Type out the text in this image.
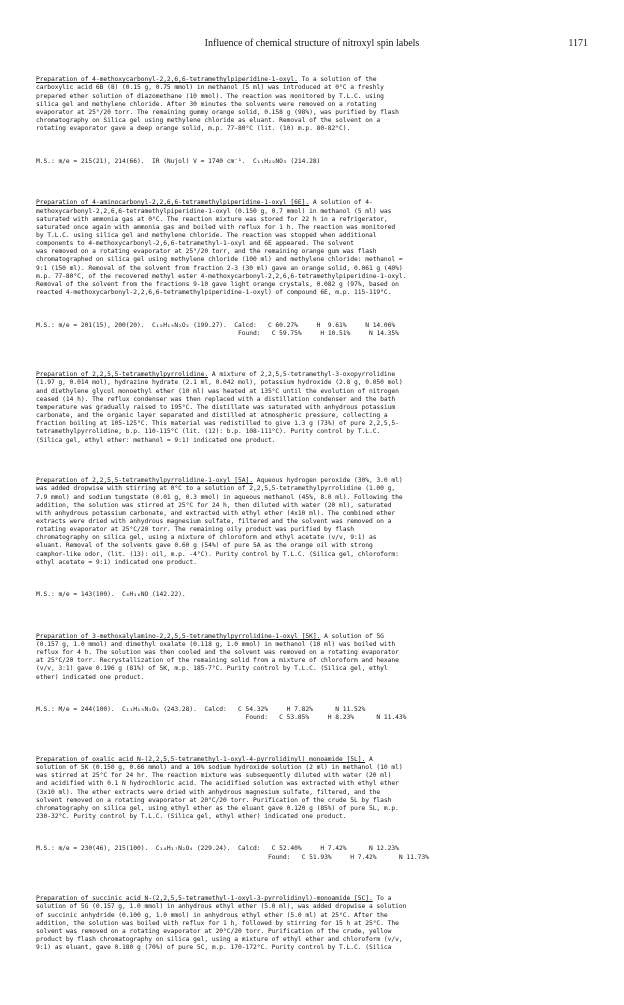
Influence of chemical structure of nitroxyl spin labels	1171

Preparation of 4-methoxycarbonyl-2,2,6,6-tetramethylpiperidine-1-oxyl. To a solution of the
carboxylic acid 6B (8) (0.15 g, 0.75 mmol) in methanol (5 ml) was introduced at 0°C a freshly
prepared ether solution of diazomethane (10 mmol). The reaction was monitored by T.L.C. using
silica gel and methylene chloride. After 30 minutes the solvents were removed on a rotating
evaporator at 25°/20 torr. The remaining gummy orange solid, 0.158 g (98%), was purified by flash
chromatography on Silica gel using methylene chloride as eluant. Removal of the solvent on a
rotating evaporator gave a deep orange solid, m.p. 77-80°C (lit. (10) m.p. 80-82°C).

M.S.: m/e = 215(21), 214(66).  IR (Nujol) V = 1740 cm⁻¹.  C₁₁H₂₀NO₃ (214.28)

Preparation of 4-aminocarbonyl-2,2,6,6-tetramethylpiperidine-1-oxyl [6E]. A solution of 4-
methoxycarbonyl-2,2,6,6-tetramethylpiperidine-1-oxyl (0.150 g, 0.7 mmol) in methanol (5 ml) was
saturated with ammonia gas at 0°C. The reaction mixture was stored for 22 h in a refrigerator,
saturated once again with ammonia gas and boiled with reflux for 1 h. The reaction was monitored
by T.L.C. using silica gel and methylene chloride. The reaction was stopped when additional
components to 4-methoxycarbonyl-2,6,6-tetramethyl-1-oxyl and 6E appeared. The solvent
was removed on a rotating evaporator at 25°/20 torr, and the remaining orange gum was flash
chromatographed on silica gel using methylene chloride (100 ml) and methylene chloride: methanol =
9:1 (150 ml). Removal of the solvent from fraction 2-3 (30 ml) gave an orange solid, 0.061 g (40%)
m.p. 77-80°C, of the recovered methyl ester 4-methoxycarbonyl-2,2,6,6-tetramethylpiperidine-1-oxyl.
Removal of the solvent from the fractions 9-10 gave light orange crystals, 0.082 g (97%, based on
reacted 4-methoxycarbonyl-2,2,6,6-tetramethylpiperidine-1-oxyl) of compound 6E, m.p. 115-119°C.

M.S.: m/e = 201(15), 200(20).  C₁₀H₁₉N₂O₂ (199.27).  Calcd:   C 60.27%     H  9.61%     N 14.06%
Found:   C 59.75%     H 10.51%     N 14.35%

Preparation of 2,2,5,5-tetramethylpyrrolidine. A mixture of 2,2,5,5-tetramethyl-3-oxopyrrolidine
(1.97 g, 0.014 mol), hydrazine hydrate (2.1 ml, 0.042 mol), potassium hydroxide (2.8 g, 0.050 mol)
and diethylene glycol monoethyl ether (10 ml) was heated at 135°C until the evolution of nitrogen
ceased (14 h). The reflux condenser was then replaced with a distillation condenser and the bath
temperature was gradually raised to 195°C. The distillate was saturated with anhydrous potassium
carbonate, and the organic layer separated and distilled at atmospheric pressure, collecting a
fraction boiling at 105-125°C. This material was redistilled to give 1.3 g (73%) of pure 2,2,5,5-
tetramethylpyrrolidine, b.p. 110-115°C (lit. (12): b.p. 108-111°C). Purity control by T.L.C.
(Silica gel, ethyl ether: methanol = 9:1) indicated one product.

Preparation of 2,2,5,5-tetramethylpyrrolidine-1-oxyl [5A]. Aqueous hydrogen peroxide (30%, 3.0 ml)
was added dropwise with stirring at 0°C to a solution of 2,2,5,5-tetramethylpyrrolidine (1.00 g,
7.9 mmol) and sodium tungstate (0.01 g, 0.3 mmol) in aqueous methanol (45%, 8.0 ml). Following the
addition, the solution was stirred at 25°C for 24 h, then diluted with water (20 ml), saturated
with anhydrous potassium carbonate, and extracted with ethyl ether (4x10 ml). The combined ether
extracts were dried with anhydrous magnesium sulfate, filtered and the solvent was removed on a
rotating evaporator at 25°C/20 torr. The remaining oily product was purified by flash
chromatography on silica gel, using a mixture of chloroform and ethyl acetate (v/v, 9:1) as
eluant. Removal of the solvents gave 0.60 g (54%) of pure 5A as the orange oil with strong
camphor-like odor, (lit. (13): oil, m.p. -4°C). Purity control by T.L.C. (Silica gel, chloroform:
ethyl acetate = 9:1) indicated one product.

M.S.: m/e = 143(100).  C₈H₁₆NO (142.22).

Preparation of 3-methoxalylamino-2,2,5,5-tetramethylpyrrolidine-1-oxyl [5K]. A solution of 5G
(0.157 g, 1.0 mmol) and dimethyl oxalate (0.118 g, 1.0 mmol) in methanol (10 ml) was boiled with
reflux for 4 h. The solution was then cooled and the solvent was removed on a rotating evaporator
at 25°C/20 torr. Recrystallization of the remaining solid from a mixture of chloroform and hexane
(v/v, 3:1) gave 0.196 g (81%) of 5K, m.p. 185-7°C. Purity control by T.L.C. (Silica gel, ethyl
ether) indicated one product.

M.S.: M/e = 244(100).  C₁₁H₁₉N₂O₄ (243.28).  Calcd:   C 54.32%     H 7.82%      N 11.52%
Found:   C 53.85%     H 8.23%      N 11.43%

Preparation of oxalic acid N-(2,2,5,5-tetramethyl-1-oxyl-4-pyrrolidinyl) monoamide [5L]. A
solution of 5K (0.150 g, 0.66 mmol) and a 10% sodium hydroxide solution (2 ml) in methanol (10 ml)
was stirred at 25°C for 24 hr. The reaction mixture was subsequently diluted with water (20 ml)
and acidified with 0.1 N hydrochloric acid. The acidified solution was extracted with ethyl ether
(3x10 ml). The ether extracts were dried with anhydrous magnesium sulfate, filtered, and the
solvent removed on a rotating evaporator at 20°C/20 torr. Purification of the crude 5L by flash
chromatography on silica gel, using ethyl ether as the eluant gave 0.120 g (85%) of pure 5L, m.p.
230-32°C. Purity control by T.L.C. (Silica gel, ethyl ether) indicated one product.

M.S.: m/e = 230(46), 215(100).  C₁₀H₁₇N₂O₄ (229.24).  Calcd:   C 52.40%     H 7.42%      N 12.23%
Found:   C 51.93%     H 7.42%      N 11.73%

Preparation of succinic acid N-(2,2,5,5-tetramethyl-1-oxyl-3-pyrrolidinyl)-monoamide [5C]. To a
solution of 5G (0.157 g, 1.0 mmol) in anhydrous ethyl ether (5.0 ml), was added dropwise a solution
of succinic anhydride (0.100 g, 1.0 mmol) in anhydrous ethyl ether (5.0 ml) at 25°C. After the
addition, the solution was boiled with reflux for 1 h, followed by stirring for 15 h at 25°C. The
solvent was removed on a rotating evaporator at 20°C/20 torr. Purification of the crude, yellow
product by flash chromatography on silica gel, using a mixture of ethyl ether and chloroform (v/v,
9:1) as eluant, gave 0.180 g (70%) of pure 5C, m.p. 170-172°C. Purity control by T.L.C. (Silica
